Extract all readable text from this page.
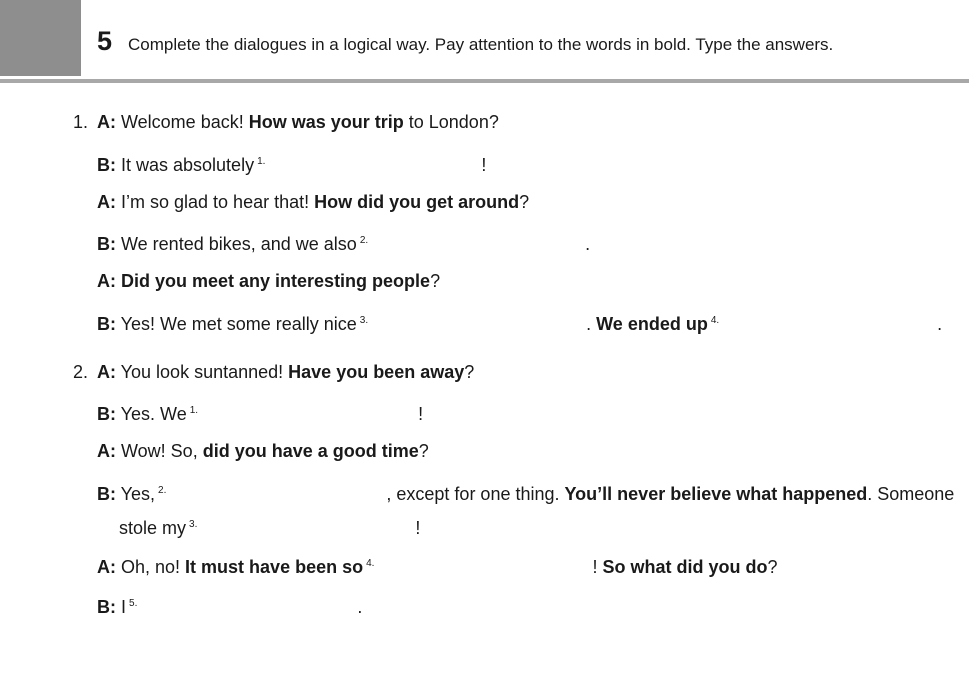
5 Complete the dialogues in a logical way. Pay attention to the words in bold. Type the answers.
1. A: Welcome back! How was your trip to London?
B: It was absolutely $^{1.}$	!
A: I’m so glad to hear that! How did you get around?
B: We rented bikes, and we also $^{2.}$	.
A: Did you meet any interesting people?
B: Yes! We met some really nice $^{3.}$	. We ended up $^{4.}$	.
2. A: You look suntanned! Have you been away?
B: Yes. We $^{1.}$	!
A: Wow! So, did you have a good time?
B: Yes, $^{2.}$	, except for one thing. You’ll never believe what happened. Someone
stole my $^{3.}$	!
A: Oh, no! It must have been so $^{4.}$	! So what did you do?
B: I $^{5.}$	.
